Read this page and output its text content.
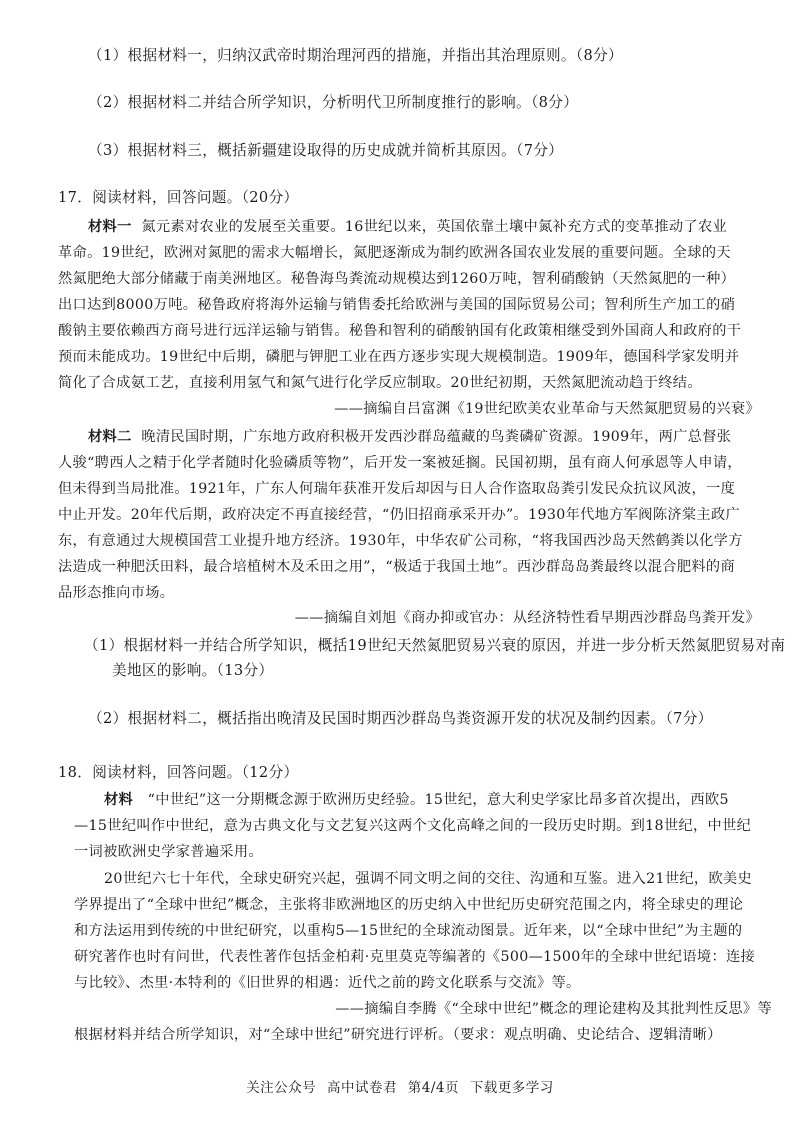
（1）根据材料一，归纳汉武帝时期治理河西的措施，并指出其治理原则。（8分）
（2）根据材料二并结合所学知识，分析明代卫所制度推行的影响。（8分）
（3）根据材料三，概括新疆建设取得的历史成就并简析其原因。（7分）
17．阅读材料，回答问题。（20分）
材料一 氮元素对农业的发展至关重要。16世纪以来，英国依靠土壤中氮补充方式的变革推动了农业
革命。19世纪，欧洲对氮肥的需求大幅增长，氮肥逐渐成为制约欧洲各国农业发展的重要问题。全球的天
然氮肥绝大部分储藏于南美洲地区。秘鲁海鸟粪流动规模达到1260万吨，智利硝酸钠（天然氮肥的一种）
出口达到8000万吨。秘鲁政府将海外运输与销售委托给欧洲与美国的国际贸易公司；智利所生产加工的硝
酸钠主要依赖西方商号进行远洋运输与销售。秘鲁和智利的硝酸钠国有化政策相继受到外国商人和政府的干
预而未能成功。19世纪中后期，磷肥与钾肥工业在西方逐步实现大规模制造。1909年，德国科学家发明并
简化了合成氨工艺，直接利用氢气和氮气进行化学反应制取。20世纪初期，天然氮肥流动趋于终结。
——摘编自吕富渊《19世纪欧美农业革命与天然氮肥贸易的兴衰》
材料二 晚清民国时期，广东地方政府积极开发西沙群岛蕴藏的鸟粪磷矿资源。1909年，两广总督张
人骏“聘西人之精于化学者随时化验磷质等物”，后开发一案被延搁。民国初期，虽有商人何承恩等人申请，
但未得到当局批准。1921年，广东人何瑞年获准开发后却因与日人合作盗取岛粪引发民众抗议风波，一度
中止开发。20年代后期，政府决定不再直接经营，“仍旧招商承采开办”。1930年代地方军阀陈济棠主政广
东，有意通过大规模国营工业提升地方经济。1930年，中华农矿公司称，“将我国西沙岛天然鹤粪以化学方
法造成一种肥沃田料，最合培植树木及禾田之用”，“极适于我国土地”。西沙群岛岛粪最终以混合肥料的商
品形态推向市场。
——摘编自刘旭《商办抑或官办：从经济特性看早期西沙群岛鸟粪开发》
（1）根据材料一并结合所学知识，概括19世纪天然氮肥贸易兴衰的原因，并进一步分析天然氮肥贸易对南
美地区的影响。（13分）
（2）根据材料二，概括指出晚清及民国时期西沙群岛鸟粪资源开发的状况及制约因素。（7分）
18．阅读材料，回答问题。（12分）
材料 “中世纪”这一分期概念源于欧洲历史经验。15世纪，意大利史学家比昂多首次提出，西欧5
—15世纪叫作中世纪，意为古典文化与文艺复兴这两个文化高峰之间的一段历史时期。到18世纪，中世纪
一词被欧洲史学家普遍采用。
20世纪六七十年代，全球史研究兴起，强调不同文明之间的交往、沟通和互鉴。进入21世纪，欧美史
学界提出了“全球中世纪”概念，主张将非欧洲地区的历史纳入中世纪历史研究范围之内，将全球史的理论
和方法运用到传统的中世纪研究，以重构5—15世纪的全球流动图景。近年来，以“全球中世纪”为主题的
研究著作也时有问世，代表性著作包括金柏莉·克里莫克等编著的《500—1500年的全球中世纪语境：连接
与比较》、杰里·本特利的《旧世界的相遇：近代之前的跨文化联系与交流》等。
——摘编自李腾《“全球中世纪”概念的理论建构及其批判性反思》等
根据材料并结合所学知识，对“全球中世纪”研究进行评析。（要求：观点明确、史论结合、逻辑清晰）
关注公众号 高中试卷君 第4/4页 下载更多学习
